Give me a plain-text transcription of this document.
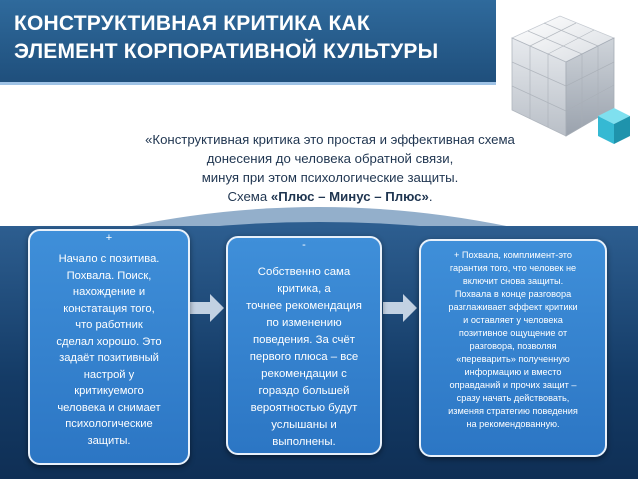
КОНСТРУКТИВНАЯ КРИТИКА КАК
ЭЛЕМЕНТ КОРПОРАТИВНОЙ КУЛЬТУРЫ
«Конструктивная критика это простая и эффективная схема
донесения до человека обратной связи,
минуя при этом психологические защиты.
Схема «Плюс – Минус – Плюс».
+
Начало с позитива.
Похвала. Поиск,
нахождение и
констатация того,
что работник
сделал хорошо. Это
задаёт позитивный
настрой у
критикуемого
человека и снимает
психологические
защиты.
-
Собственно сама
критика, а
точнее рекомендация
по изменению
поведения. За счёт
первого плюса – все
рекомендации с
гораздо большей
вероятностью будут
услышаны и
выполнены.
+ Похвала, комплимент-это
гарантия того, что человек не
включит снова защиты.
Похвала в конце разговора
разглаживает эффект критики
и оставляет у человека
позитивное ощущение от
разговора, позволяя
«переварить» полученную
информацию и вместо
оправданий и прочих защит –
сразу начать действовать,
изменяя стратегию поведения
на рекомендованную.
